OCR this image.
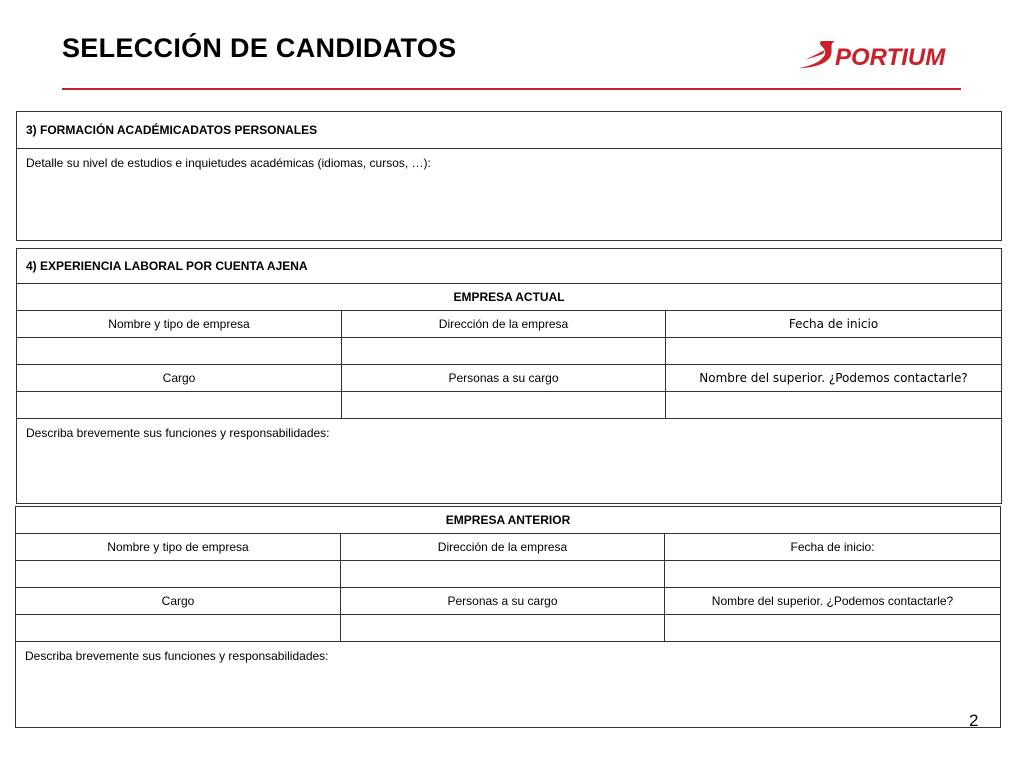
SELECCIÓN DE CANDIDATOS	PORTIUM
3) FORMACIÓN ACADÉMICADATOS PERSONALES
Detalle su nivel de estudios e inquietudes académicas (idiomas, cursos, …):
4) EXPERIENCIA LABORAL POR CUENTA AJENA		
EMPRESA ACTUAL		
Nombre y tipo de empresa	Dirección de la empresa	Fecha de inicio

Cargo	Personas a su cargo	Nombre del superior. ¿Podemos contactarle?

Describa brevemente sus funciones y responsabilidades:		
EMPRESA ANTERIOR		
Nombre y tipo de empresa	Dirección de la empresa	Fecha de inicio:

Cargo	Personas a su cargo	Nombre del superior. ¿Podemos contactarle?

Describa brevemente sus funciones y responsabilidades:		
2
